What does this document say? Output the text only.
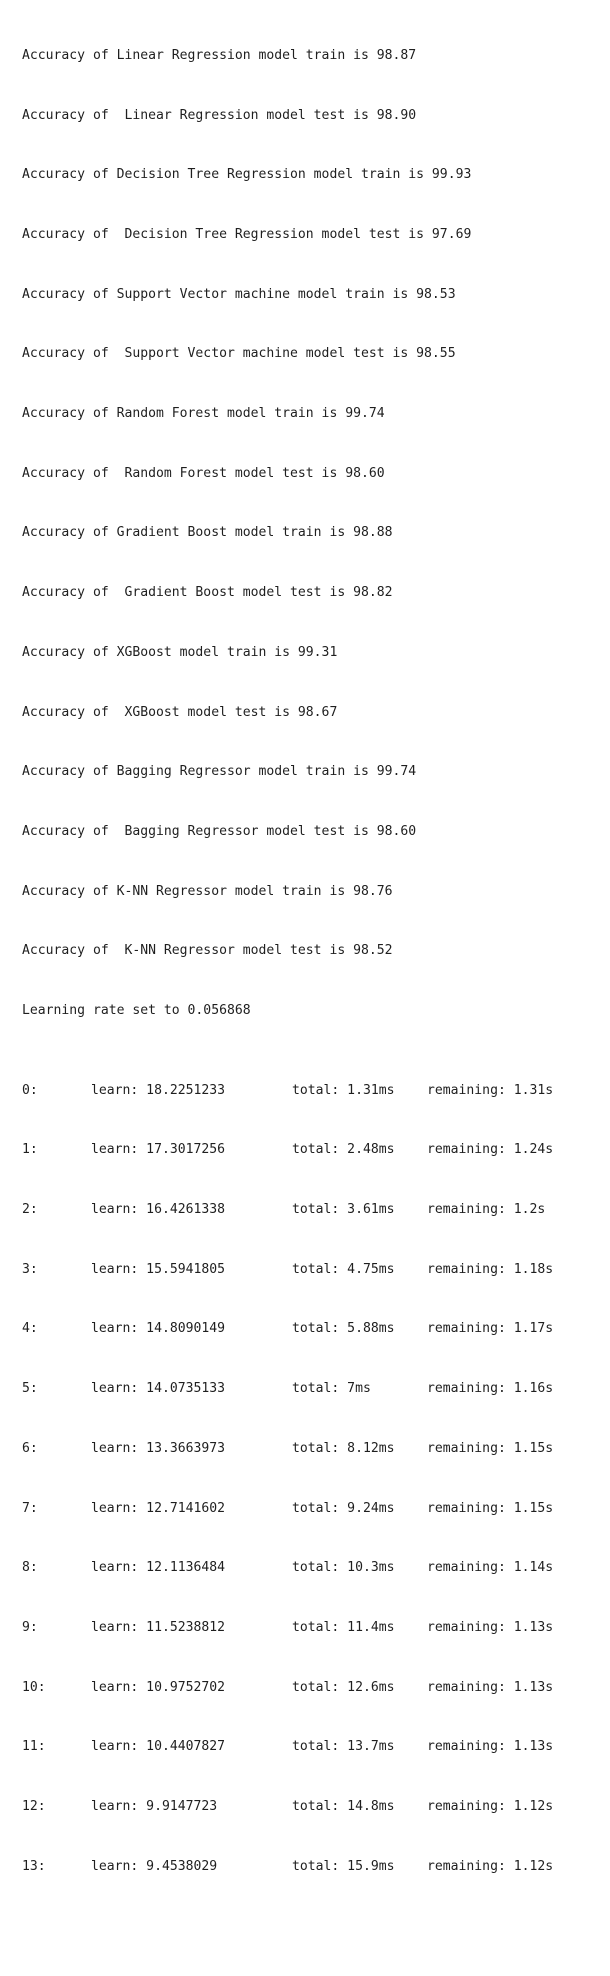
Accuracy of Linear Regression model train is 98.87

Accuracy of  Linear Regression model test is 98.90

Accuracy of Decision Tree Regression model train is 99.93

Accuracy of  Decision Tree Regression model test is 97.69

Accuracy of Support Vector machine model train is 98.53

Accuracy of  Support Vector machine model test is 98.55

Accuracy of Random Forest model train is 99.74

Accuracy of  Random Forest model test is 98.60

Accuracy of Gradient Boost model train is 98.88

Accuracy of  Gradient Boost model test is 98.82

Accuracy of XGBoost model train is 99.31

Accuracy of  XGBoost model test is 98.67

Accuracy of Bagging Regressor model train is 99.74

Accuracy of  Bagging Regressor model test is 98.60

Accuracy of K-NN Regressor model train is 98.76

Accuracy of  K-NN Regressor model test is 98.52

Learning rate set to 0.056868

0:

	learn: 18.2251233

	total: 1.31ms

remaining: 1.31s

1:

	learn: 17.3017256

	total: 2.48ms

remaining: 1.24s

2:

	learn: 16.4261338

	total: 3.61ms

remaining: 1.2s

3:

	learn: 15.5941805

	total: 4.75ms

remaining: 1.18s

4:

	learn: 14.8090149

	total: 5.88ms

remaining: 1.17s

5:

	learn: 14.0735133

	total: 7ms

	remaining: 1.16s

6:

	learn: 13.3663973

	total: 8.12ms

remaining: 1.15s

7:

	learn: 12.7141602

	total: 9.24ms

remaining: 1.15s

8:

	learn: 12.1136484

	total: 10.3ms

remaining: 1.14s

9:

	learn: 11.5238812

	total: 11.4ms

remaining: 1.13s

10:

	learn: 10.9752702

	total: 12.6ms

remaining: 1.13s

11:

	learn: 10.4407827

	total: 13.7ms

remaining: 1.13s

12:

	learn: 9.9147723

	total: 14.8ms

remaining: 1.12s

13:

	learn: 9.4538029

	total: 15.9ms

remaining: 1.12s
